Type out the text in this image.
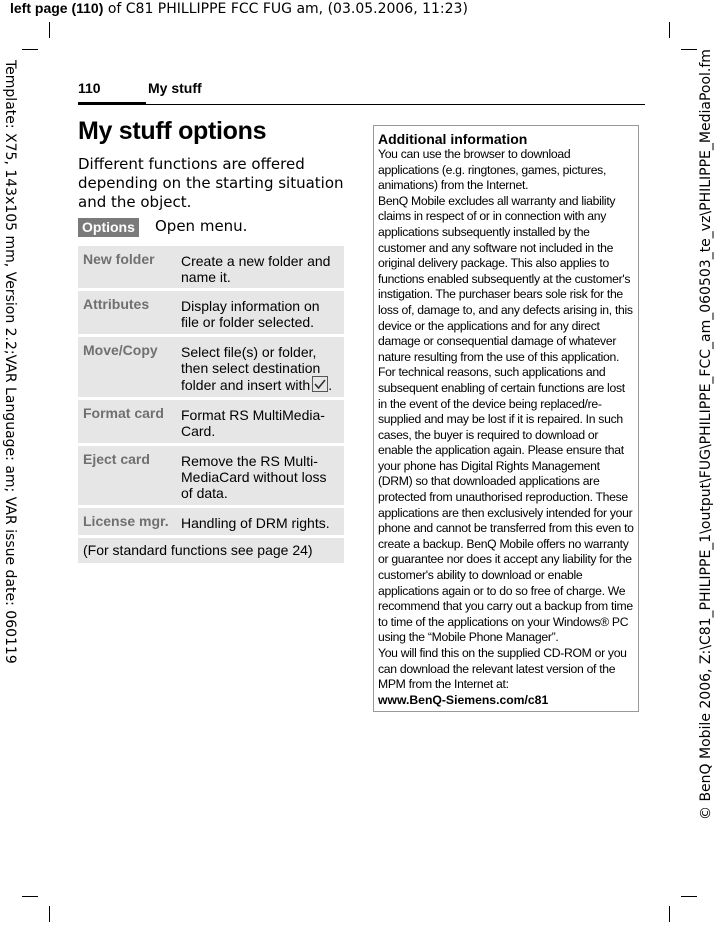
left page (110) of C81 PHILLIPPE FCC FUG am, (03.05.2006, 11:23)
Template: X75, 143x105 mm, Version 2.2;VAR Language: am; VAR issue date: 060119	© BenQ Mobile 2006, Z:\C81_PHILIPPE_1\output\FUG\PHILIPPE_FCC_am_060503_te_vz\PHILIPPE_MediaPool.fm
110	My stuff
My stuff options
Different functions are offered depending on the starting situation and the object.
Options Open menu.
New folder	Create a new folder and name it.
Attributes	Display information on file or folder selected.
Move/Copy	Select file(s) or folder, then select destination folder and insert with .
Format card	Format RS MultiMedia-Card.
Eject card	Remove the RS Multi-MediaCard without loss of data.
License mgr. Handling of DRM rights.
(For standard functions see page 24)
Additional information

You can use the browser to download applications (e.g. ringtones, games, pictures, animations) from the Internet.

BenQ Mobile excludes all warranty and liability claims in respect of or in connection with any applications subsequently installed by the customer and any software not included in the original delivery package. This also applies to functions enabled subsequently at the customer's instigation. The purchaser bears sole risk for the loss of, damage to, and any defects arising in, this device or the applications and for any direct damage or consequential damage of whatever nature resulting from the use of this application. For technical reasons, such applications and subsequent enabling of certain functions are lost in the event of the device being replaced/re-supplied and may be lost if it is repaired. In such cases, the buyer is required to download or enable the application again. Please ensure that your phone has Digital Rights Management (DRM) so that downloaded applications are protected from unauthorised reproduction. These applications are then exclusively intended for your phone and cannot be transferred from this even to create a backup. BenQ Mobile offers no warranty or guarantee nor does it accept any liability for the customer's ability to download or enable applications again or to do so free of charge. We recommend that you carry out a backup from time to time of the applications on your Windows® PC using the “Mobile Phone Manager”.

You will find this on the supplied CD-ROM or you can download the relevant latest version of the MPM from the Internet at:

www.BenQ-Siemens.com/c81
